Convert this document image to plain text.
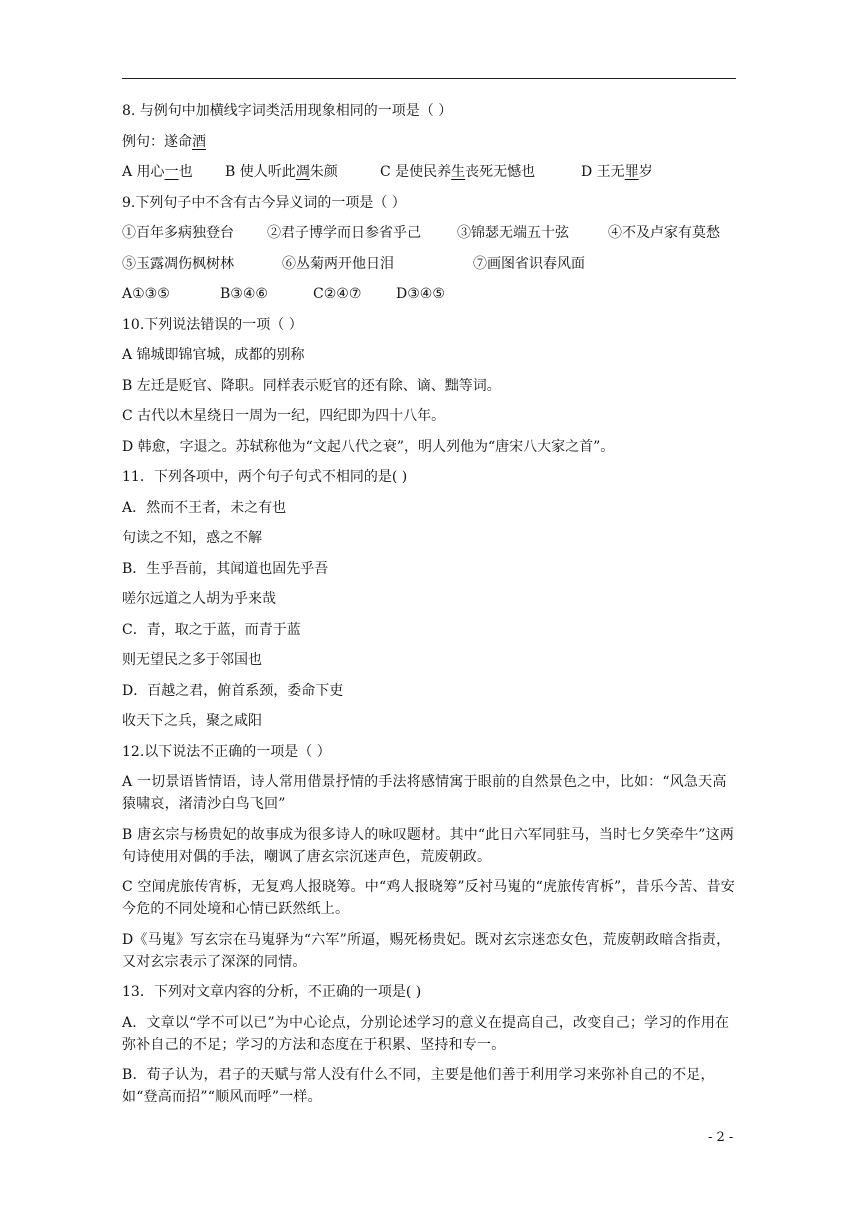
8. 与例句中加横线字词类活用现象相同的一项是（ ）

例句：遂命酒

A 用心一也	B 使人听此凋朱颜	C 是使民养生丧死无憾也	D 王无罪岁

9.下列句子中不含有古今异义词的一项是（ ）

①百年多病独登台	②君子博学而日参省乎己	③锦瑟无端五十弦	④不及卢家有莫愁

⑤玉露凋伤枫树林	⑥丛菊两开他日泪	⑦画图省识春风面

A①③⑤	B③④⑥	C②④⑦	D③④⑤

10.下列说法错误的一项（ ）

A 锦城即锦官城，成都的别称

B 左迁是贬官、降职。同样表示贬官的还有除、谪、黜等词。

C 古代以木星绕日一周为一纪，四纪即为四十八年。

D 韩愈，字退之。苏轼称他为“文起八代之衰”，明人列他为“唐宋八大家之首”。

11．下列各项中，两个句子句式不相同的是( )

A．然而不王者，未之有也

句读之不知，惑之不解

B．生乎吾前，其闻道也固先乎吾

嗟尔远道之人胡为乎来哉

C．青，取之于蓝，而青于蓝

则无望民之多于邻国也

D．百越之君，俯首系颈，委命下吏

收天下之兵，聚之咸阳

12.以下说法不正确的一项是（ ）

A 一切景语皆情语，诗人常用借景抒情的手法将感情寓于眼前的自然景色之中，比如：“风急天高猿啸哀，渚清沙白鸟飞回”

B 唐玄宗与杨贵妃的故事成为很多诗人的咏叹题材。其中“此日六军同驻马，当时七夕笑牵牛”这两句诗使用对偶的手法，嘲讽了唐玄宗沉迷声色，荒废朝政。

C 空闻虎旅传宵柝，无复鸡人报晓筹。中“鸡人报晓筹”反衬马嵬的“虎旅传宵柝”，昔乐今苦、昔安今危的不同处境和心情已跃然纸上。

D《马嵬》写玄宗在马嵬驿为“六军”所逼，赐死杨贵妃。既对玄宗迷恋女色，荒废朝政暗含指责，又对玄宗表示了深深的同情。

13．下列对文章内容的分析，不正确的一项是( )

A．文章以“学不可以已”为中心论点，分别论述学习的意义在提高自己，改变自己；学习的作用在弥补自己的不足；学习的方法和态度在于积累、坚持和专一。

B．荀子认为，君子的天赋与常人没有什么不同，主要是他们善于利用学习来弥补自己的不足，如“登高而招”“顺风而呼”一样。

- 2 -
